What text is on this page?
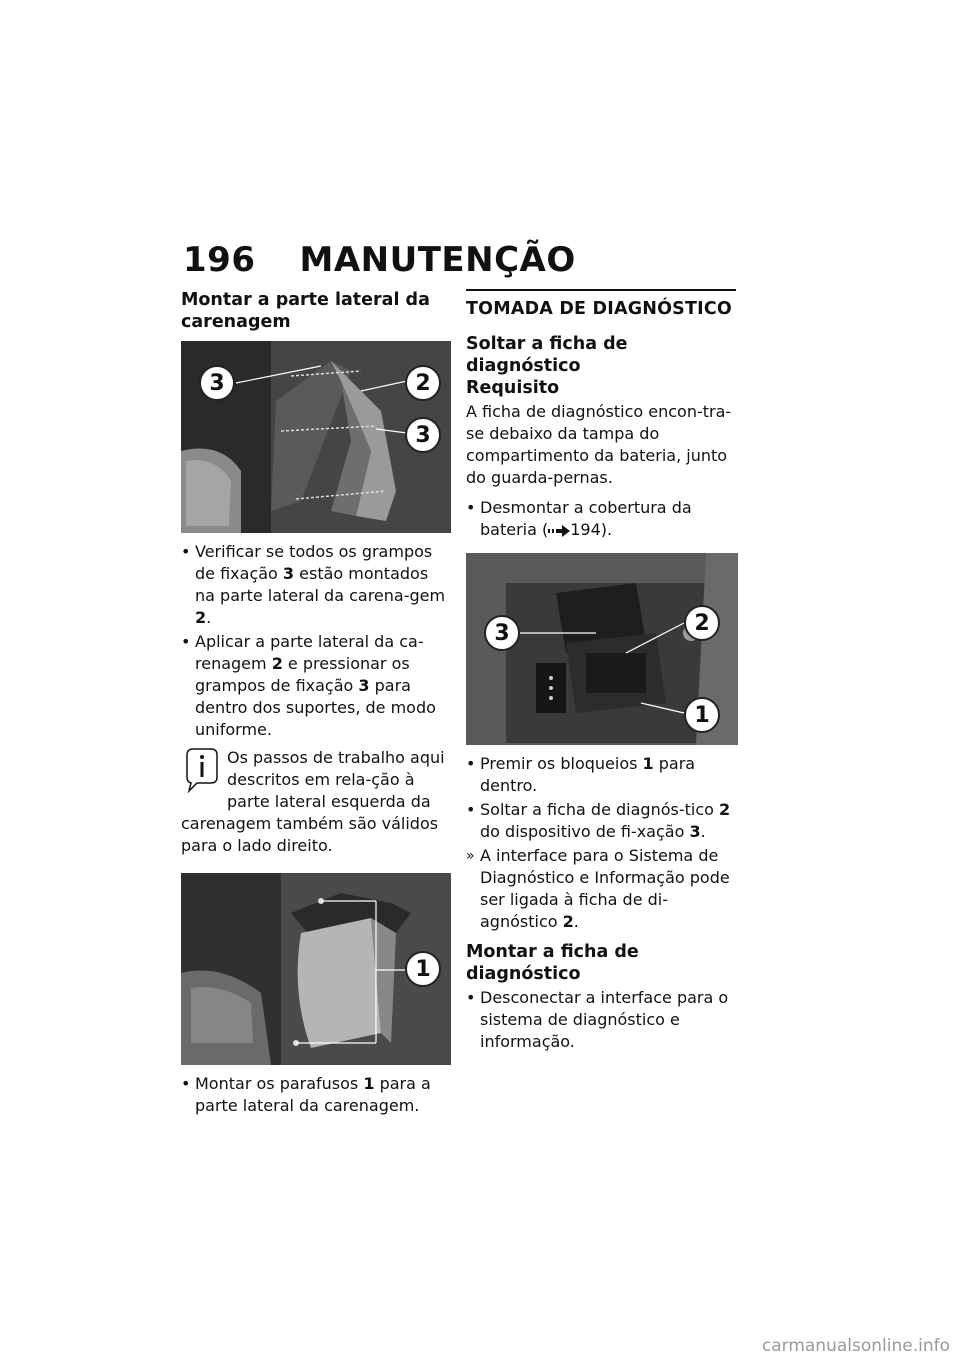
196 MANUTENÇÃO
Montar a parte lateral da carenagem
3	2
3
• Verificar se todos os grampos de fixação 3 estão montados na parte lateral da carena-gem 2.
• Aplicar a parte lateral da ca-renagem 2 e pressionar os grampos de fixação 3 para dentro dos suportes, de modo uniforme.
Os passos de trabalho aqui descritos em rela-ção à parte lateral esquerda da carenagem também são válidos para o lado direito.
1
• Montar os parafusos 1 para a parte lateral da carenagem.
TOMADA DE DIAGNÓSTICO
Soltar a ficha de diagnóstico
Requisito
A ficha de diagnóstico encon-tra-se debaixo da tampa do compartimento da bateria, junto do guarda-pernas.
• Desmontar a cobertura da bateria ( 194).
3	2
1
• Premir os bloqueios 1 para dentro.
• Soltar a ficha de diagnós-tico 2 do dispositivo de fi-xação 3.
» A interface para o Sistema de Diagnóstico e Informação pode ser ligada à ficha de di-agnóstico 2.
Montar a ficha de diagnóstico
• Desconectar a interface para o sistema de diagnóstico e informação.
carmanualsonline.info
